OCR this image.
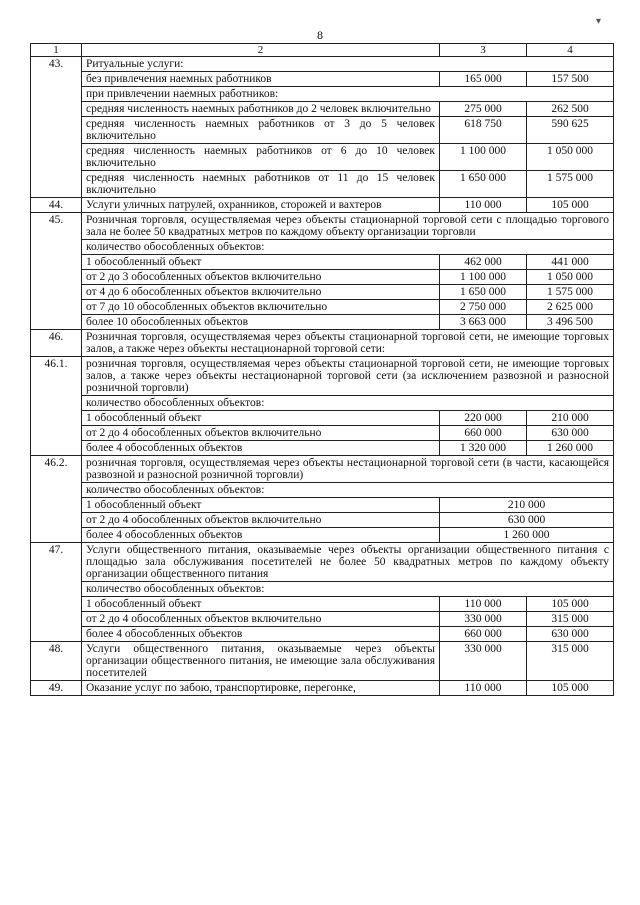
8
▾
1	2	3	4
43.	Ритуальные услуги:		
	без привлечения наемных работников	165 000	157 500
	при привлечении наемных работников:		
	средняя численность наемных работников до 2 человек включительно	275 000	262 500
	средняя численность наемных работников от 3 до 5 человек включительно	618 750	590 625
	средняя численность наемных работников от 6 до 10 человек включительно	1 100 000	1 050 000
	средняя численность наемных работников от 11 до 15 человек включительно	1 650 000	1 575 000
44.	Услуги уличных патрулей, охранников, сторожей и вахтеров	110 000	105 000
45.	Розничная торговля, осуществляемая через объекты стационарной торговой сети с площадью торгового зала не более 50 квадратных метров по каждому объекту организации торговли		
	количество обособленных объектов:		
	1 обособленный объект	462 000	441 000
	от 2 до 3 обособленных объектов включительно	1 100 000	1 050 000
	от 4 до 6 обособленных объектов включительно	1 650 000	1 575 000
	от 7 до 10 обособленных объектов включительно	2 750 000	2 625 000
	более 10 обособленных объектов	3 663 000	3 496 500
46.	Розничная торговля, осуществляемая через объекты стационарной торговой сети, не имеющие торговых залов, а также через объекты нестационарной торговой сети:		
46.1.	розничная торговля, осуществляемая через объекты стационарной торговой сети, не имеющие торговых залов, а также через объекты нестационарной торговой сети (за исключением развозной и разносной розничной торговли)		
	количество обособленных объектов:		
	1 обособленный объект	220 000	210 000
	от 2 до 4 обособленных объектов включительно	660 000	630 000
	более 4 обособленных объектов	1 320 000	1 260 000
46.2.	розничная торговля, осуществляемая через объекты нестационарной торговой сети (в части, касающейся развозной и разносной розничной торговли)		
	количество обособленных объектов:		
	1 обособленный объект	210 000	
	от 2 до 4 обособленных объектов включительно	630 000	
	более 4 обособленных объектов	1 260 000	
47.	Услуги общественного питания, оказываемые через объекты организации общественного питания с площадью зала обслуживания посетителей не более 50 квадратных метров по каждому объекту организации общественного питания		
	количество обособленных объектов:		
	1 обособленный объект	110 000	105 000
	от 2 до 4 обособленных объектов включительно	330 000	315 000
	более 4 обособленных объектов	660 000	630 000
48.	Услуги общественного питания, оказываемые через объекты организации общественного питания, не имеющие зала обслуживания посетителей	330 000	315 000
49.	Оказание услуг по забою, транспортировке, перегонке,	110 000	105 000
